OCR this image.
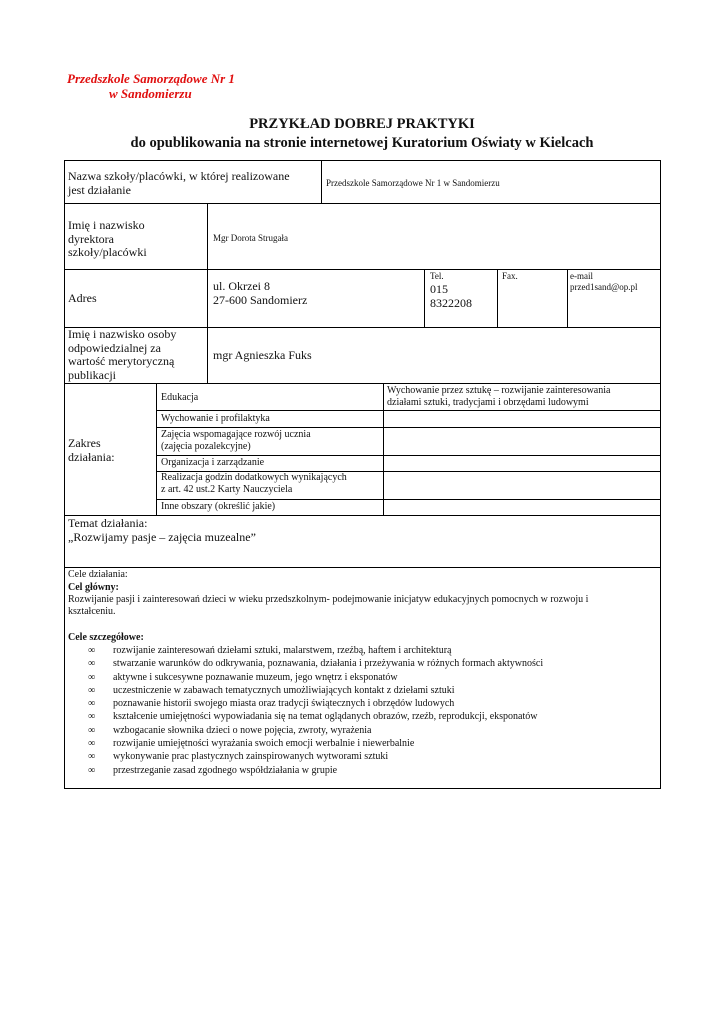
Przedszkole Samorządowe Nr 1
w Sandomierzu
PRZYKŁAD DOBREJ PRAKTYKI
do opublikowania na stronie internetowej Kuratorium Oświaty w Kielcach
Nazwa szkoły/placówki, w której realizowane
jest działanie	Przedszkole Samorządowe Nr 1 w Sandomierzu
Imię i nazwisko
dyrektora
szkoły/placówki
Mgr Dorota Strugała
Adres
ul. Okrzei 8
27-600 Sandomierz
Tel.
015
8322208
Fax.	e-mail
przed1sand@op.pl
Imię i nazwisko osoby
odpowiedzialnej za
wartość merytoryczną
publikacji
mgr Agnieszka Fuks
Zakres
działania:
Edukacja
Wychowanie i profilaktyka
Zajęcia wspomagające rozwój ucznia
(zajęcia pozalekcyjne)
Organizacja i zarządzanie
Realizacja godzin dodatkowych wynikających
z art. 42 ust.2 Karty Nauczyciela
Inne obszary (określić jakie)
Wychowanie przez sztukę – rozwijanie zainteresowania
działami sztuki, tradycjami i obrzędami ludowymi
Temat działania:
„Rozwijamy pasje – zajęcia muzealne”
Cele działania:
Cel główny:
Rozwijanie pasji i zainteresowań dzieci w wieku przedszkolnym- podejmowanie inicjatyw edukacyjnych pomocnych w rozwoju i
kształceniu.
Cele szczegółowe:
∞ rozwijanie zainteresowań dziełami sztuki, malarstwem, rzeźbą, haftem i architekturą
∞ stwarzanie warunków do odkrywania, poznawania, działania i przeżywania w różnych formach aktywności
∞ aktywne i sukcesywne poznawanie muzeum, jego wnętrz i eksponatów
∞ uczestniczenie w zabawach tematycznych umożliwiających kontakt z dziełami sztuki
∞ poznawanie historii swojego miasta oraz tradycji świątecznych i obrzędów ludowych
∞ kształcenie umiejętności wypowiadania się na temat oglądanych obrazów, rzeźb, reprodukcji, eksponatów
∞ wzbogacanie słownika dzieci o nowe pojęcia, zwroty, wyrażenia
∞ rozwijanie umiejętności wyrażania swoich emocji werbalnie i niewerbalnie
∞ wykonywanie prac plastycznych zainspirowanych wytworami sztuki
∞ przestrzeganie zasad zgodnego współdziałania w grupie
